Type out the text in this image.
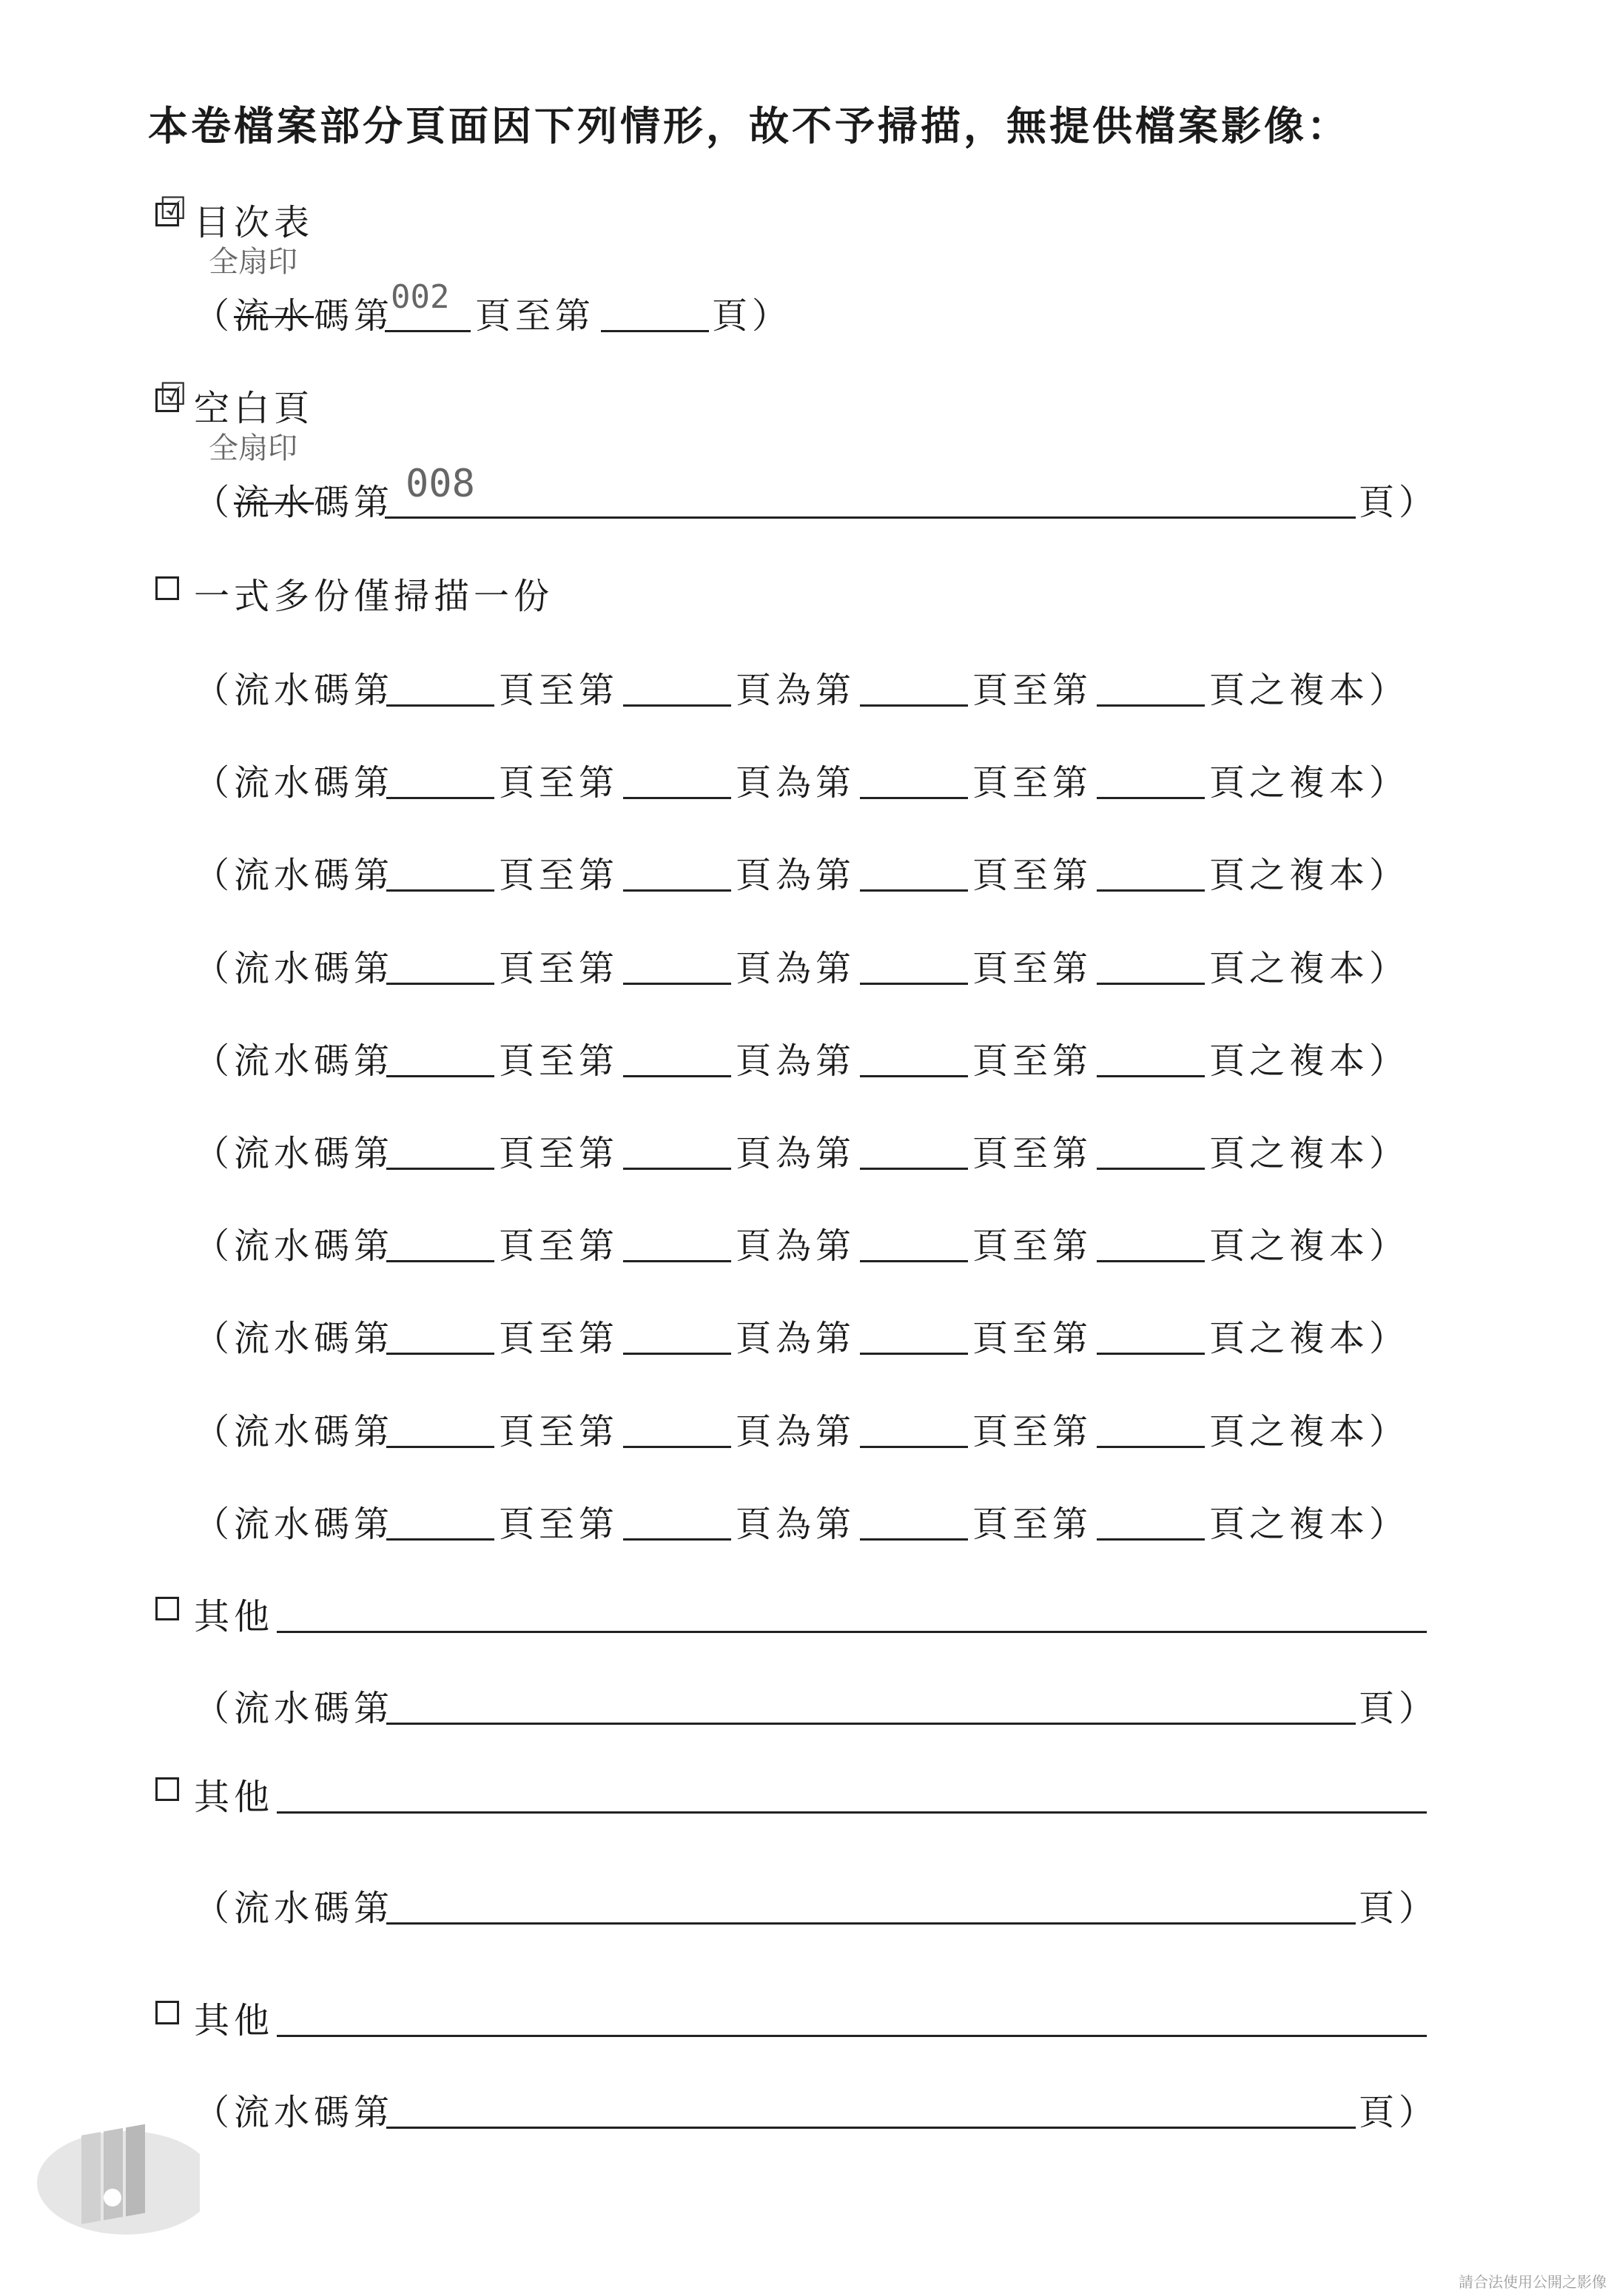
本卷檔案部分頁面因下列情形，故不予掃描，無提供檔案影像：
☑ 目次表
全扇印
（流水碼第
002 頁至第	頁）
☑ 空白頁
全扇印
（流水碼第 008	頁）
一式多份僅掃描一份
（流水碼第	頁至第	頁為第	頁至第	頁之複本）
（流水碼第	頁至第	頁為第	頁至第	頁之複本）
（流水碼第	頁至第	頁為第	頁至第	頁之複本）
（流水碼第	頁至第	頁為第	頁至第	頁之複本）
（流水碼第	頁至第	頁為第	頁至第	頁之複本）
（流水碼第	頁至第	頁為第	頁至第	頁之複本）
（流水碼第	頁至第	頁為第	頁至第	頁之複本）
（流水碼第	頁至第	頁為第	頁至第	頁之複本）
（流水碼第	頁至第	頁為第	頁至第	頁之複本）
（流水碼第	頁至第	頁為第	頁至第	頁之複本）
其他
（流水碼第	頁）
其他
（流水碼第	頁）
其他
（流水碼第	頁）
請合法使用公開之影像
